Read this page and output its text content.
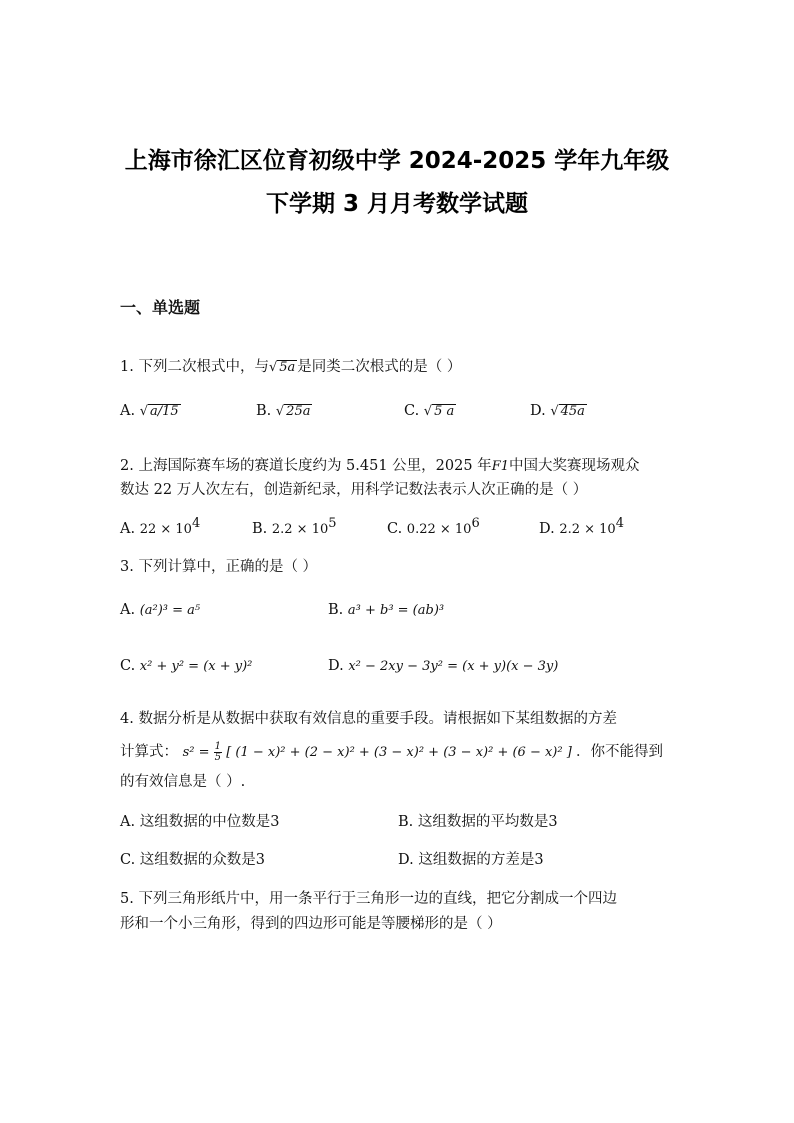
上海市徐汇区位育初级中学 2024-2025 学年九年级
下学期 3 月月考数学试题
一、单选题
1. 下列二次根式中，与√ 5a 是同类二次根式的是（ ）
A. √ a/15	B. √ 25a	C. √ 5 a	D. √ 45a
2. 上海国际赛车场的赛道长度约为 5.451 公里，2025 年F1中国大奖赛现场观众
数达 22 万人次左右，创造新纪录，用科学记数法表示人次正确的是（ ）
A. $22 \times 10^4$	B. $2.2 \times 10^5$	C. $0.22 \times 10^6$	D. $2.2 \times 10^4$
3. 下列计算中，正确的是（ ）
A. (a²)³ = a⁵	B. a³ + b³ = (ab)³
C. x² + y² = (x + y)²	D. x² − 2xy − 3y² = (x + y)(x − 3y)
4. 数据分析是从数据中获取有效信息的重要手段。请根据如下某组数据的方差
计算式： $s^2 = \frac{1}{5}$ [ (1 − x)² + (2 − x)² + (3 − x)² + (3 − x)² + (6 − x)² ] ．你不能得到
的有效信息是（ ）.
A. 这组数据的中位数是3	B. 这组数据的平均数是3
C. 这组数据的众数是3	D. 这组数据的方差是3
5. 下列三角形纸片中，用一条平行于三角形一边的直线，把它分割成一个四边
形和一个小三角形，得到的四边形可能是等腰梯形的是（ ）
